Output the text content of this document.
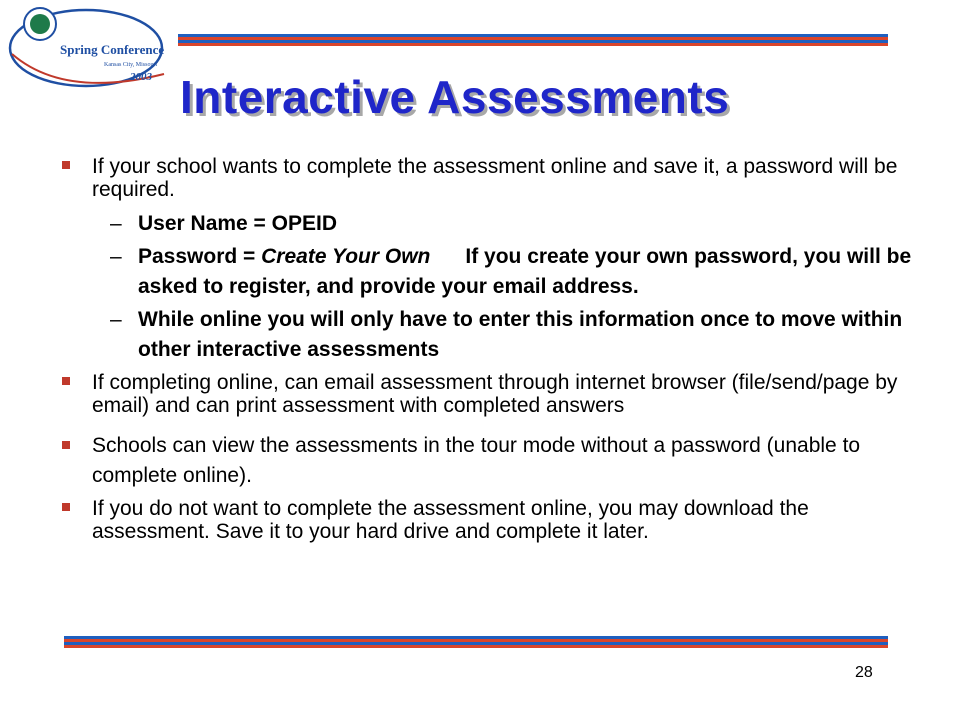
Spring Conference
Kansas City, Missouri
2003 Interactive Assessments
If your school wants to complete the assessment online and save it, a password will be required.
– User Name = OPEID
– Password = Create Your Own      If you create your own password, you will be asked to register, and provide your email address.
– While online you will only have to enter this information once to move within other interactive assessments
If completing online, can email assessment through internet browser (file/send/page by email) and can print assessment with completed answers
Schools can view the assessments in the tour mode without a password (unable to complete online).
If you do not want to complete the assessment online, you may download the assessment. Save it to your hard drive and complete it later.
28
